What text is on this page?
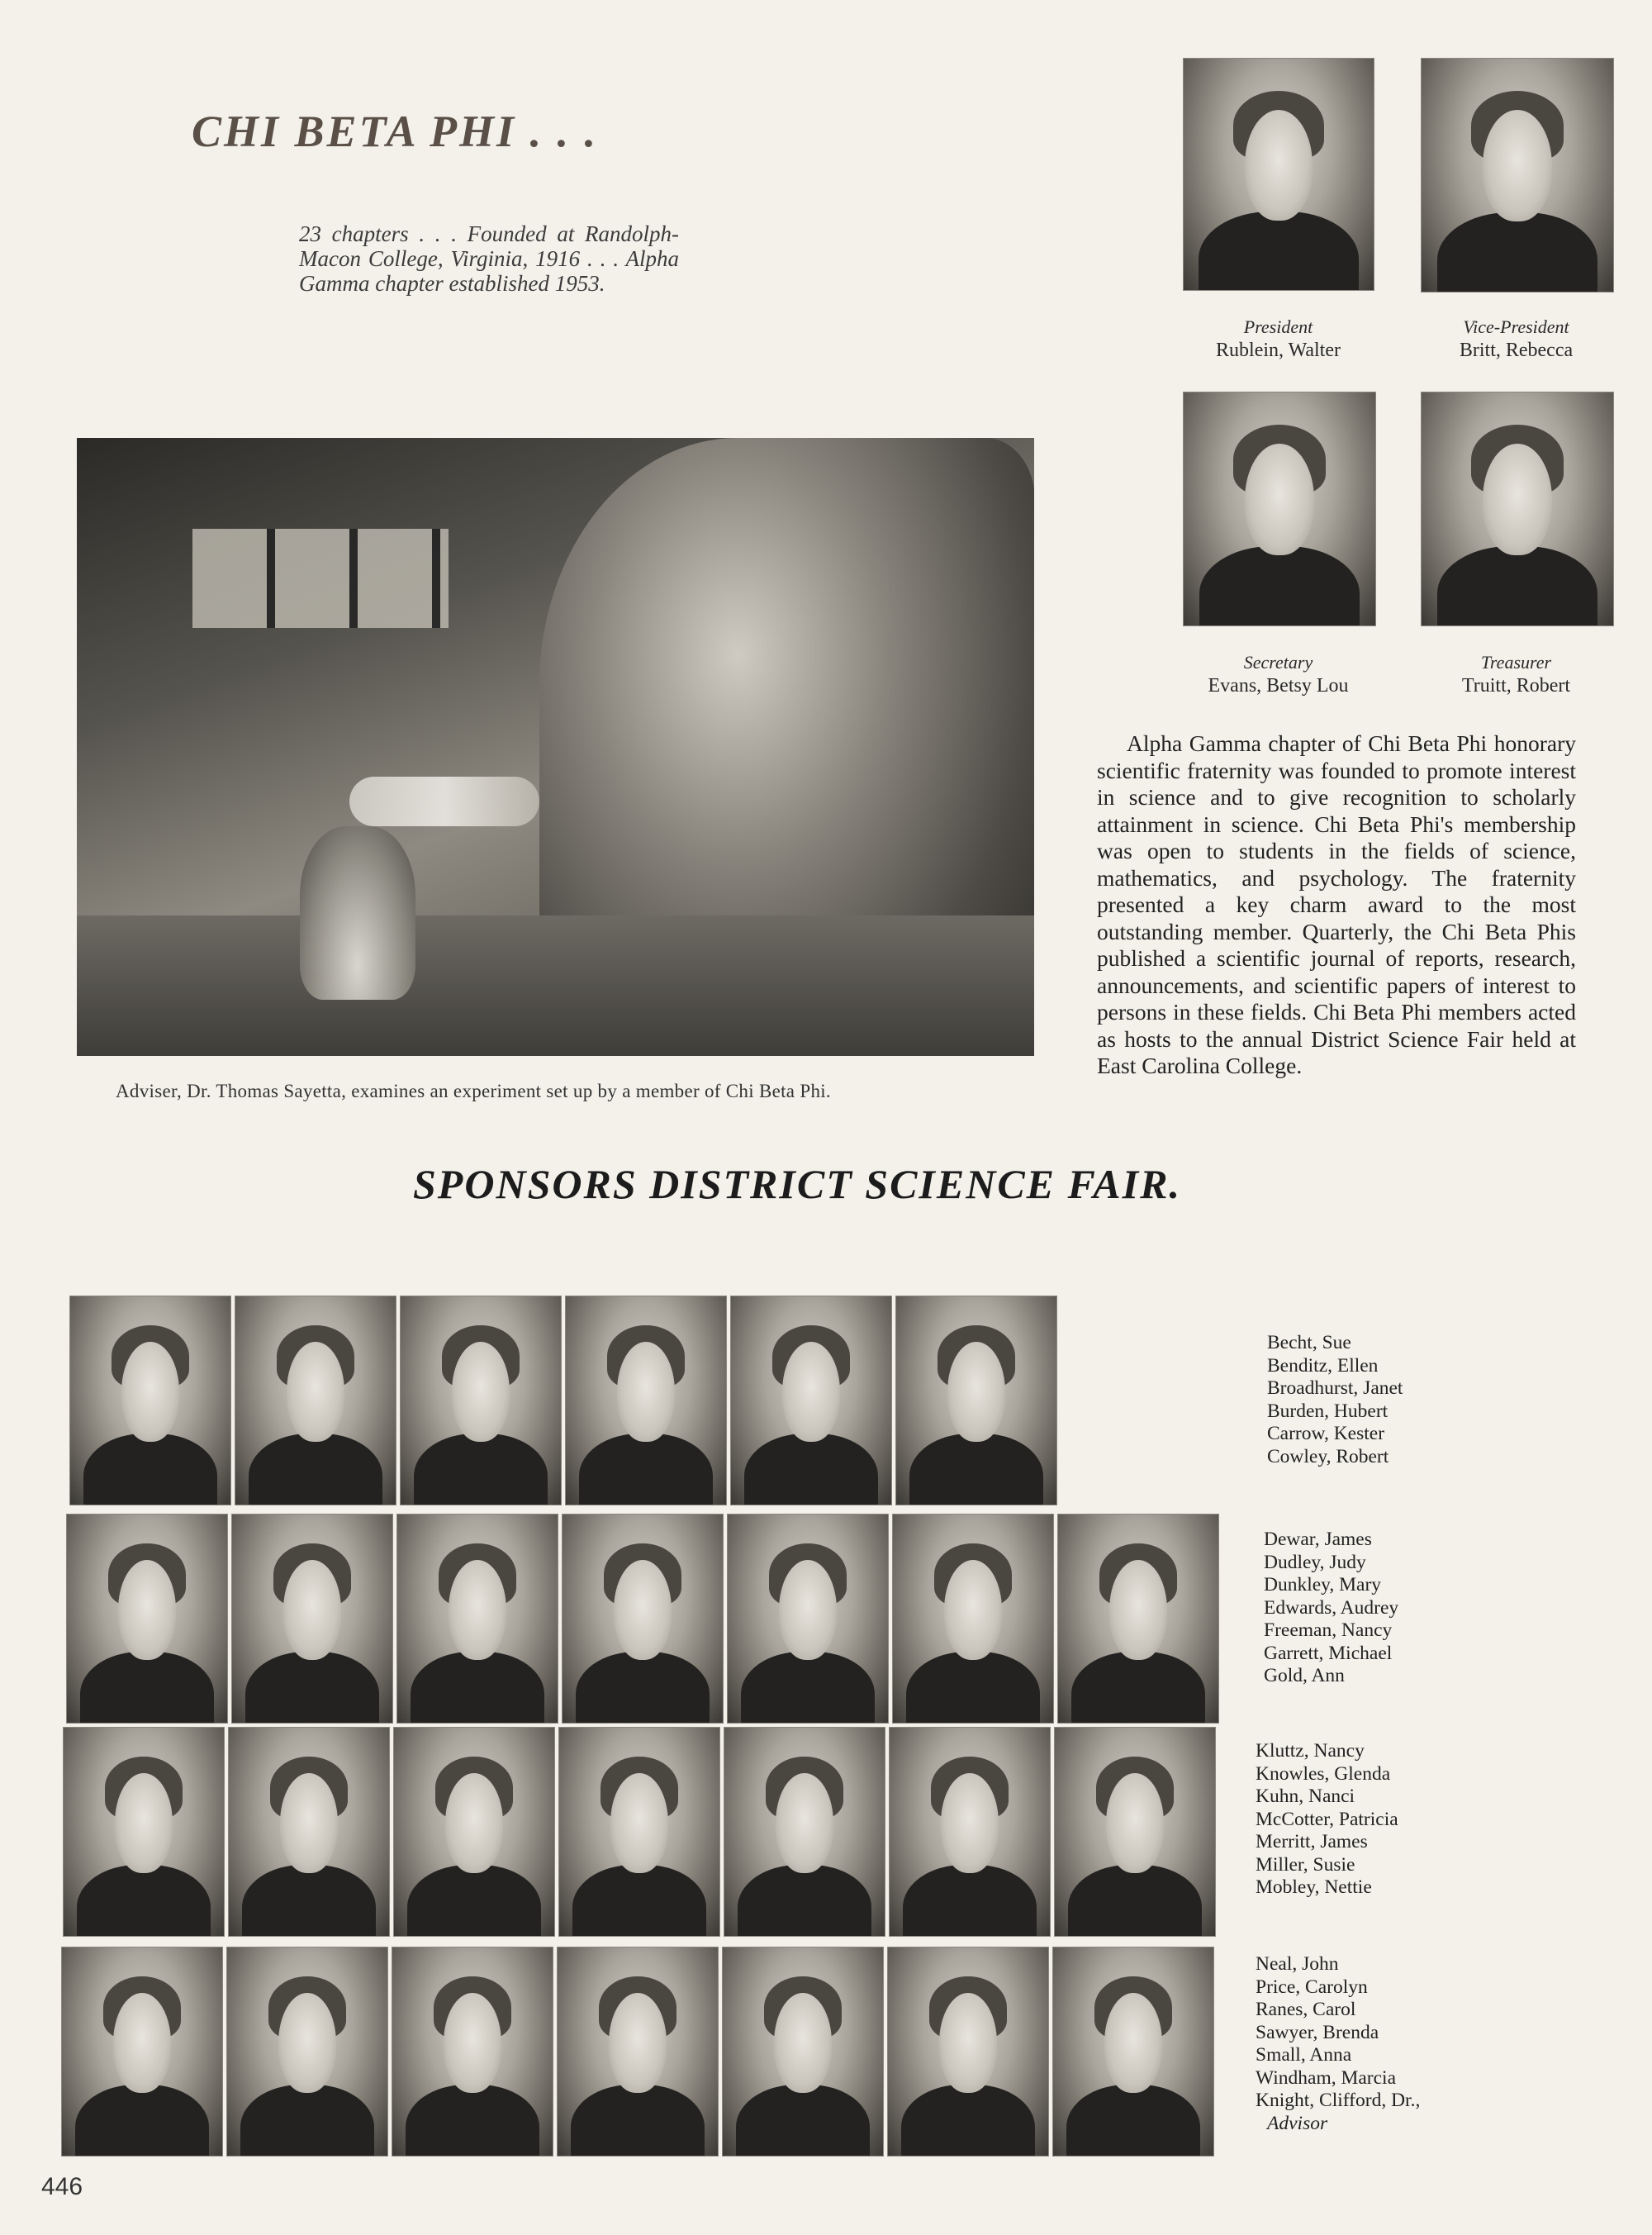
CHI BETA PHI . . .
23 chapters . . . Founded at Randolph-Macon College, Virginia, 1916 . . . Alpha Gamma chapter established 1953.
President
Rublein, Walter
Vice-President
Britt, Rebecca
Secretary
Evans, Betsy Lou
Treasurer
Truitt, Robert
Adviser, Dr. Thomas Sayetta, examines an experiment set up by a member of Chi Beta Phi.
Alpha Gamma chapter of Chi Beta Phi honorary scientific fraternity was founded to promote interest in science and to give recognition to scholarly attainment in science. Chi Beta Phi's membership was open to students in the fields of science, mathematics, and psychology. The fraternity presented a key charm award to the most outstanding member. Quarterly, the Chi Beta Phis published a scientific journal of reports, research, announcements, and scientific papers of interest to persons in these fields. Chi Beta Phi members acted as hosts to the annual District Science Fair held at East Carolina College.
SPONSORS DISTRICT SCIENCE FAIR.
Becht, Sue
Benditz, Ellen
Broadhurst, Janet
Burden, Hubert
Carrow, Kester
Cowley, Robert
Dewar, James
Dudley, Judy
Dunkley, Mary
Edwards, Audrey
Freeman, Nancy
Garrett, Michael
Gold, Ann
Kluttz, Nancy
Knowles, Glenda
Kuhn, Nanci
McCotter, Patricia
Merritt, James
Miller, Susie
Mobley, Nettie
Neal, John
Price, Carolyn
Ranes, Carol
Sawyer, Brenda
Small, Anna
Windham, Marcia
Knight, Clifford, Dr.,
Advisor
446
